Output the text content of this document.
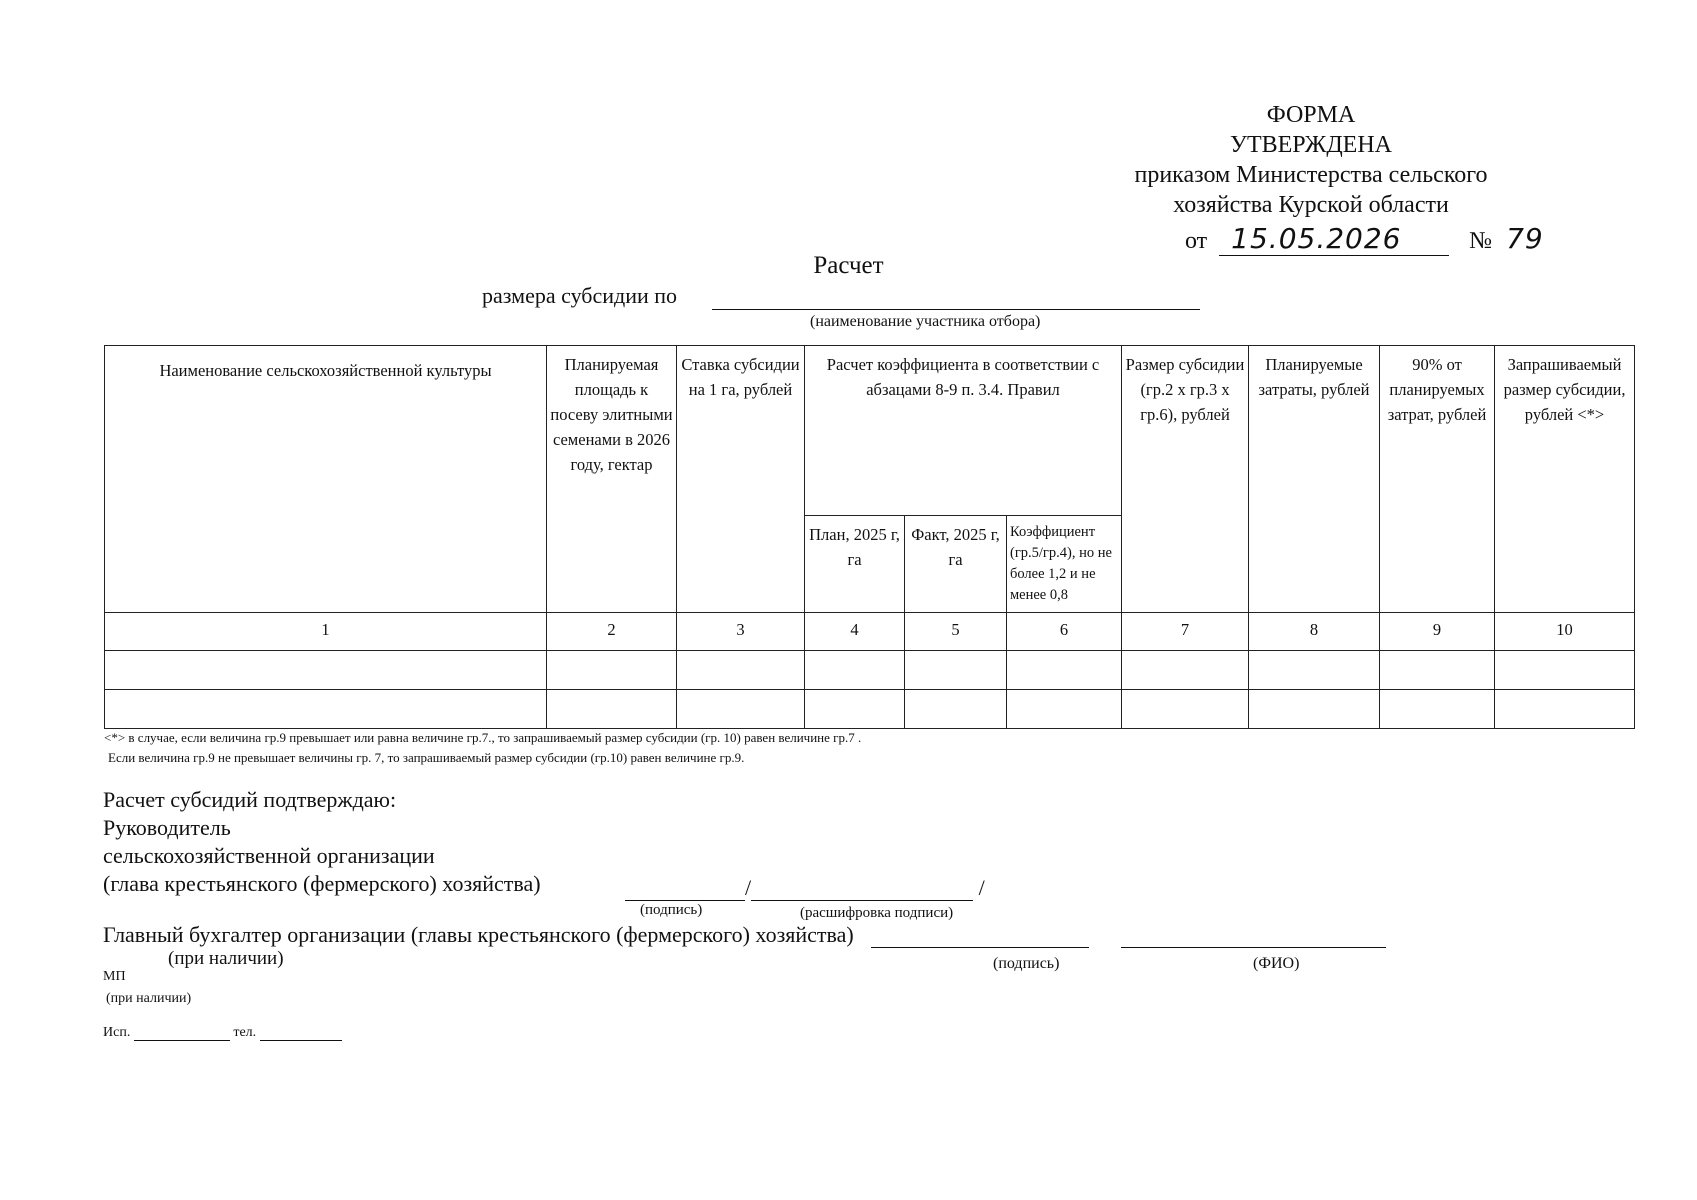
ФОРМА
УТВЕРЖДЕНА
приказом Министерства сельского
хозяйства Курской области
от 15.05.2026	№ 79
Расчет
размера субсидии по
(наименование участника отбора)
Наименование сельскохозяйственной культуры	Планируемая площадь к посеву элитными семенами в 2026 году, гектар	Ставка субсидии на 1 га, рублей	Расчет коэффициента в соответствии с абзацами 8-9 п. 3.4. Правил			Размер субсидии (гр.2 х гр.3 х гр.6), рублей	Планируемые затраты, рублей	90% от планируемых затрат, рублей	Запрашиваемый размер субсидии, рублей <*>
			План, 2025 г, га	Факт, 2025 г, га	Коэффициент (гр.5/гр.4), но не более 1,2 и не менее 0,8				
1	2	3	4	5	6	7	8	9	10

<*> в случае, если величина гр.9 превышает или равна величине гр.7., то запрашиваемый размер субсидии (гр. 10) равен величине гр.7 .
Если величина гр.9 не превышает величины гр. 7, то запрашиваемый размер субсидии (гр.10) равен величине гр.9.
Расчет субсидий подтверждаю:
Руководитель
сельскохозяйственной организации
(глава крестьянского (фермерского) хозяйства)	/	/
(подпись)	(расшифровка подписи)
Главный бухгалтер организации (главы крестьянского (фермерского) хозяйства)
(при наличии)	(подпись)	(ФИО)
МП
(при наличии)
Исп.	тел.
